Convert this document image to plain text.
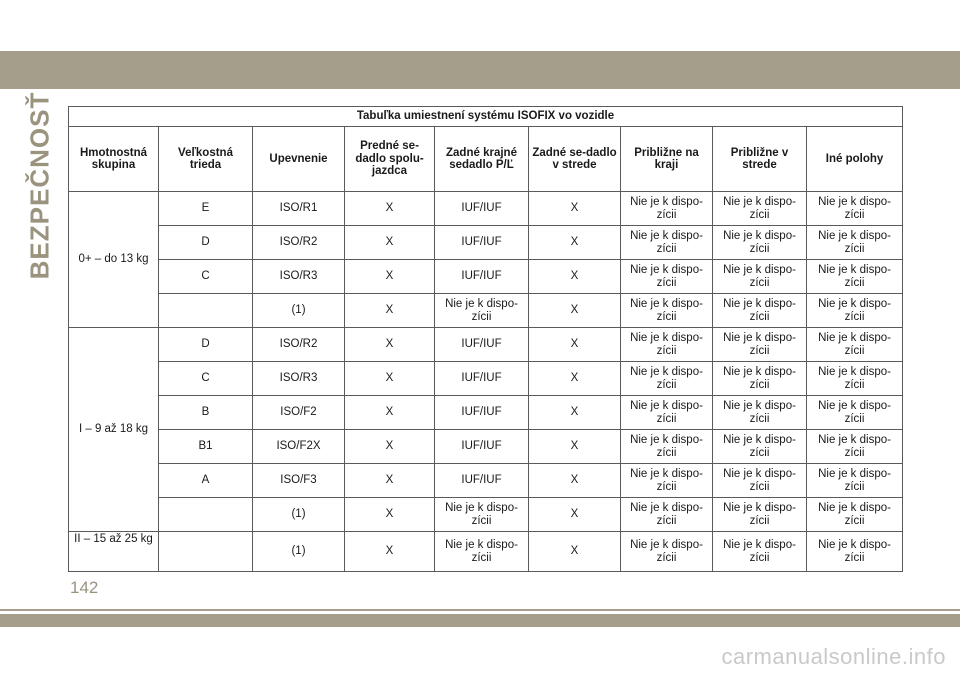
BEZPEČNOSŤ	Tabuľka umiestnení systému ISOFIX vo vozidle								
Hmotnostná skupina	Veľkostná trieda	Upevnenie	Predné se-dadlo spolu-jazdca	Zadné krajné sedadlo P/Ľ	Zadné se-dadlo v strede	Približne na kraji	Približne v strede	Iné polohy
0+ – do 13 kg	E	ISO/R1	X	IUF/IUF	X	Nie je k dispo-zícii	Nie je k dispo-zícii	Nie je k dispo-zícii
	D	ISO/R2	X	IUF/IUF	X	Nie je k dispo-zícii	Nie je k dispo-zícii	Nie je k dispo-zícii
	C	ISO/R3	X	IUF/IUF	X	Nie je k dispo-zícii	Nie je k dispo-zícii	Nie je k dispo-zícii
		(1)	X	Nie je k dispo-zícii	X	Nie je k dispo-zícii	Nie je k dispo-zícii	Nie je k dispo-zícii
I – 9 až 18 kg	D	ISO/R2	X	IUF/IUF	X	Nie je k dispo-zícii	Nie je k dispo-zícii	Nie je k dispo-zícii
	C	ISO/R3	X	IUF/IUF	X	Nie je k dispo-zícii	Nie je k dispo-zícii	Nie je k dispo-zícii
	B	ISO/F2	X	IUF/IUF	X	Nie je k dispo-zícii	Nie je k dispo-zícii	Nie je k dispo-zícii
	B1	ISO/F2X	X	IUF/IUF	X	Nie je k dispo-zícii	Nie je k dispo-zícii	Nie je k dispo-zícii
	A	ISO/F3	X	IUF/IUF	X	Nie je k dispo-zícii	Nie je k dispo-zícii	Nie je k dispo-zícii
		(1)	X	Nie je k dispo-zícii	X	Nie je k dispo-zícii	Nie je k dispo-zícii	Nie je k dispo-zícii
II – 15 až 25 kg		(1)	X	Nie je k dispo-zícii	X	Nie je k dispo-zícii	Nie je k dispo-zícii	Nie je k dispo-zícii
142
carmanualsonline.info
